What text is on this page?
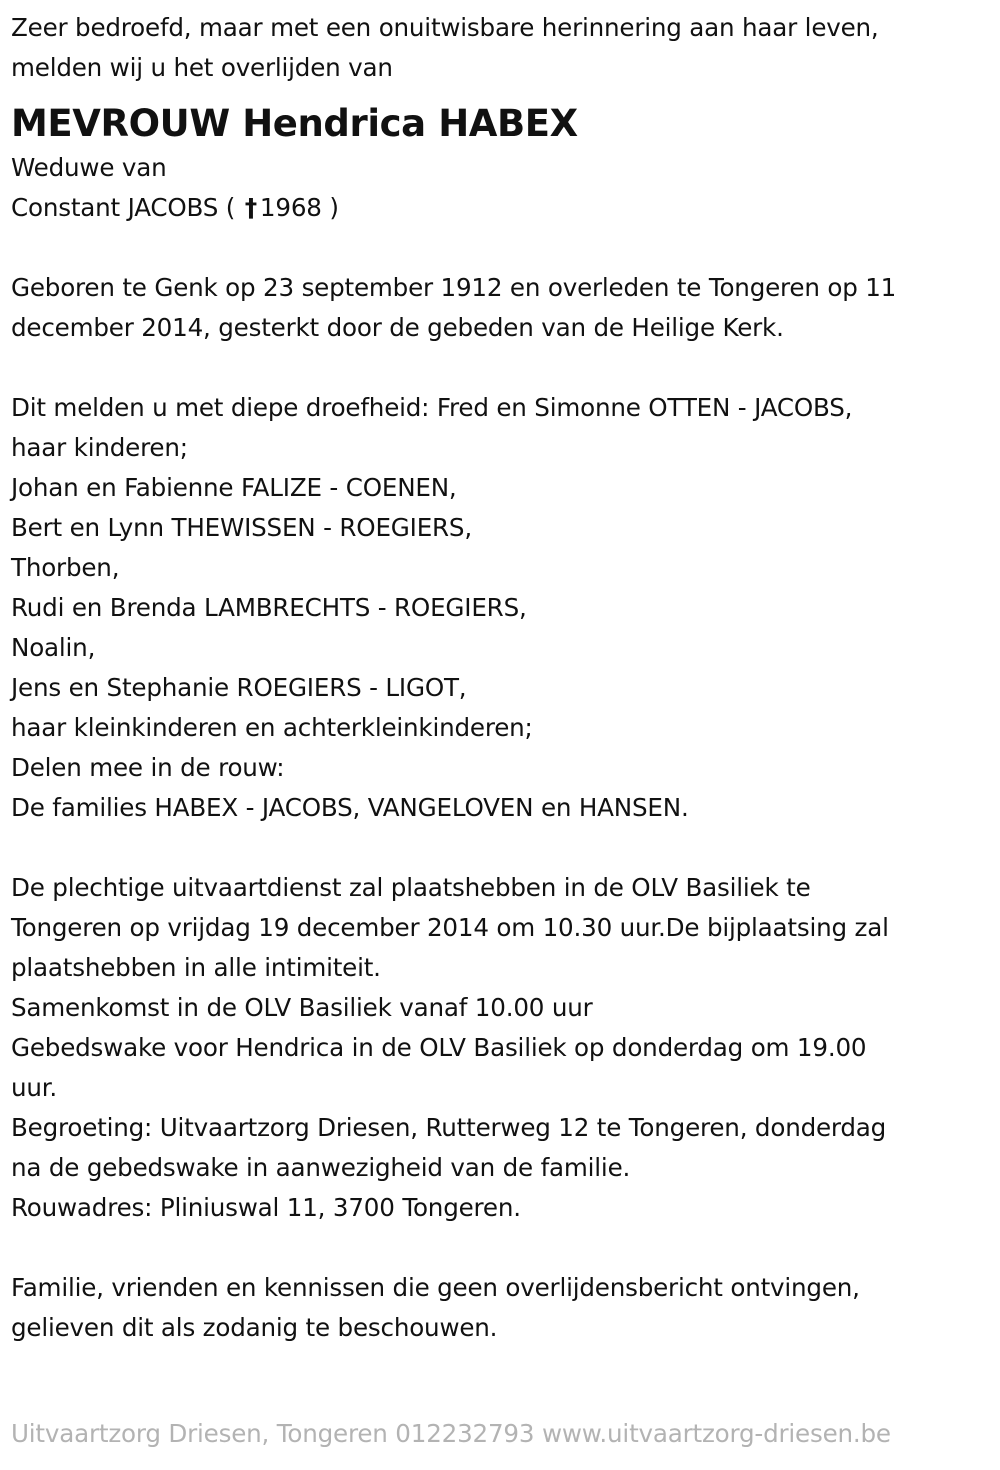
Zeer bedroefd, maar met een onuitwisbare herinnering aan haar leven,
melden wij u het overlijden van
MEVROUW Hendrica HABEX
Weduwe van
Constant JACOBS ( † 1968 )
Geboren te Genk op 23 september 1912 en overleden te Tongeren op 11
december 2014, gesterkt door de gebeden van de Heilige Kerk.
Dit melden u met diepe droefheid: Fred en Simonne OTTEN - JACOBS,
haar kinderen;
Johan en Fabienne FALIZE - COENEN,
Bert en Lynn THEWISSEN - ROEGIERS,
Thorben,
Rudi en Brenda LAMBRECHTS - ROEGIERS,
Noalin,
Jens en Stephanie ROEGIERS - LIGOT,
haar kleinkinderen en achterkleinkinderen;
Delen mee in de rouw:
De families HABEX - JACOBS, VANGELOVEN en HANSEN.
De plechtige uitvaartdienst zal plaatshebben in de OLV Basiliek te
Tongeren op vrijdag 19 december 2014 om 10.30 uur.De bijplaatsing zal
plaatshebben in alle intimiteit.
Samenkomst in de OLV Basiliek vanaf 10.00 uur
Gebedswake voor Hendrica in de OLV Basiliek op donderdag om 19.00
uur.
Begroeting: Uitvaartzorg Driesen, Rutterweg 12 te Tongeren, donderdag
na de gebedswake in aanwezigheid van de familie.
Rouwadres: Pliniuswal 11, 3700 Tongeren.
Familie, vrienden en kennissen die geen overlijdensbericht ontvingen,
gelieven dit als zodanig te beschouwen.
Uitvaartzorg Driesen, Tongeren 012232793 www.uitvaartzorg-driesen.be
